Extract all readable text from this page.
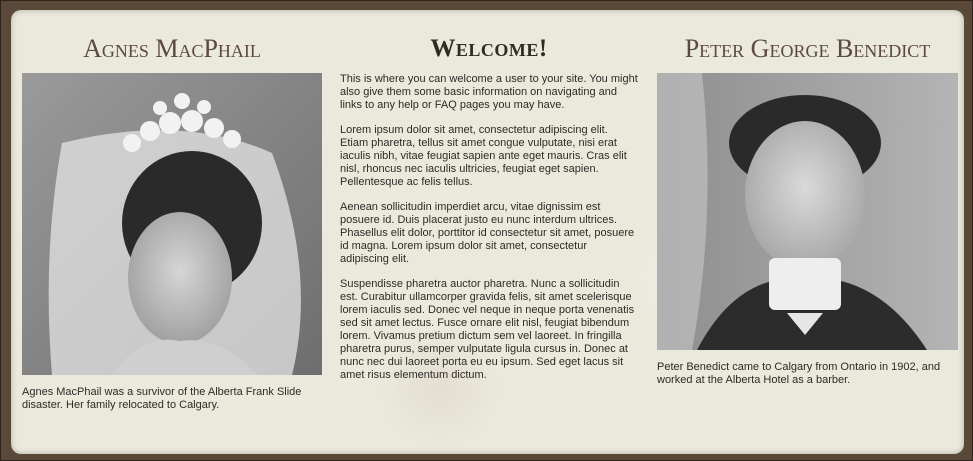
Agnes MacPhail
Agnes MacPhail was a survivor of the Alberta Frank Slide disaster. Her family relocated to Calgary.
Welcome!

This is where you can welcome a user to your site. You might also give them some basic information on navigating and links to any help or FAQ pages you may have.

Lorem ipsum dolor sit amet, consectetur adipiscing elit. Etiam pharetra, tellus sit amet congue vulputate, nisi erat iaculis nibh, vitae feugiat sapien ante eget mauris. Cras elit nisl, rhoncus nec iaculis ultricies, feugiat eget sapien. Pellentesque ac felis tellus.

Aenean sollicitudin imperdiet arcu, vitae dignissim est posuere id. Duis placerat justo eu nunc interdum ultrices. Phasellus elit dolor, porttitor id consectetur sit amet, posuere id magna. Lorem ipsum dolor sit amet, consectetur adipiscing elit.

Suspendisse pharetra auctor pharetra. Nunc a sollicitudin est. Curabitur ullamcorper gravida felis, sit amet scelerisque lorem iaculis sed. Donec vel neque in neque porta venenatis sed sit amet lectus. Fusce ornare elit nisl, feugiat bibendum lorem. Vivamus pretium dictum sem vel laoreet. In fringilla pharetra purus, semper vulputate ligula cursus in. Donec at nunc nec dui laoreet porta eu eu ipsum. Sed eget lacus sit amet risus elementum dictum.

Peter George Benedict
Peter Benedict came to Calgary from Ontario in 1902, and worked at the Alberta Hotel as a barber.
